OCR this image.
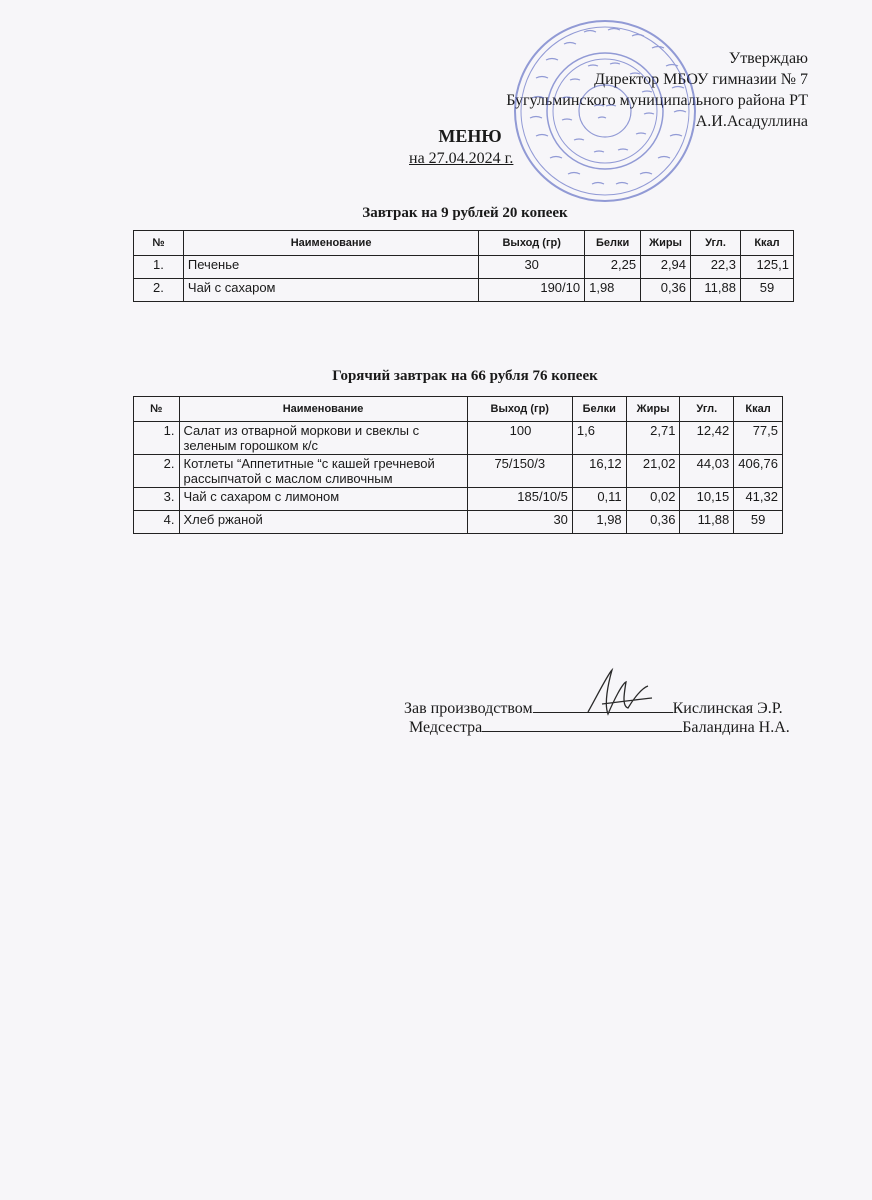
Утверждаю
Директор МБОУ гимназии № 7
Бугульминского муниципального района РТ
А.И.Асадуллина
МЕНЮ
на 27.04.2024 г.
Завтрак на 9 рублей 20 копеек
№	Наименование	Выход (гр)	Белки	Жиры	Угл.	Ккал
1.	Печенье	30	2,25	2,94	22,3	125,1
2.	Чай с сахаром	190/10	1,98	0,36	11,88	59
Горячий завтрак на 66 рубля 76 копеек
№	Наименование	Выход (гр)	Белки	Жиры	Угл.	Ккал
1.	Салат из отварной моркови и свеклы с зеленым горошком к/с	100	1,6	2,71	12,42	77,5
2.	Котлеты “Аппетитные “с кашей гречневой рассыпчатой с маслом сливочным	75/150/3	16,12	21,02	44,03	406,76
3.	Чай с сахаром с лимоном	185/10/5	0,11	0,02	10,15	41,32
4.	Хлеб ржаной	30	1,98	0,36	11,88	59
Зав производством	Кислинская Э.Р.
Медсестра	Баландина Н.А.
